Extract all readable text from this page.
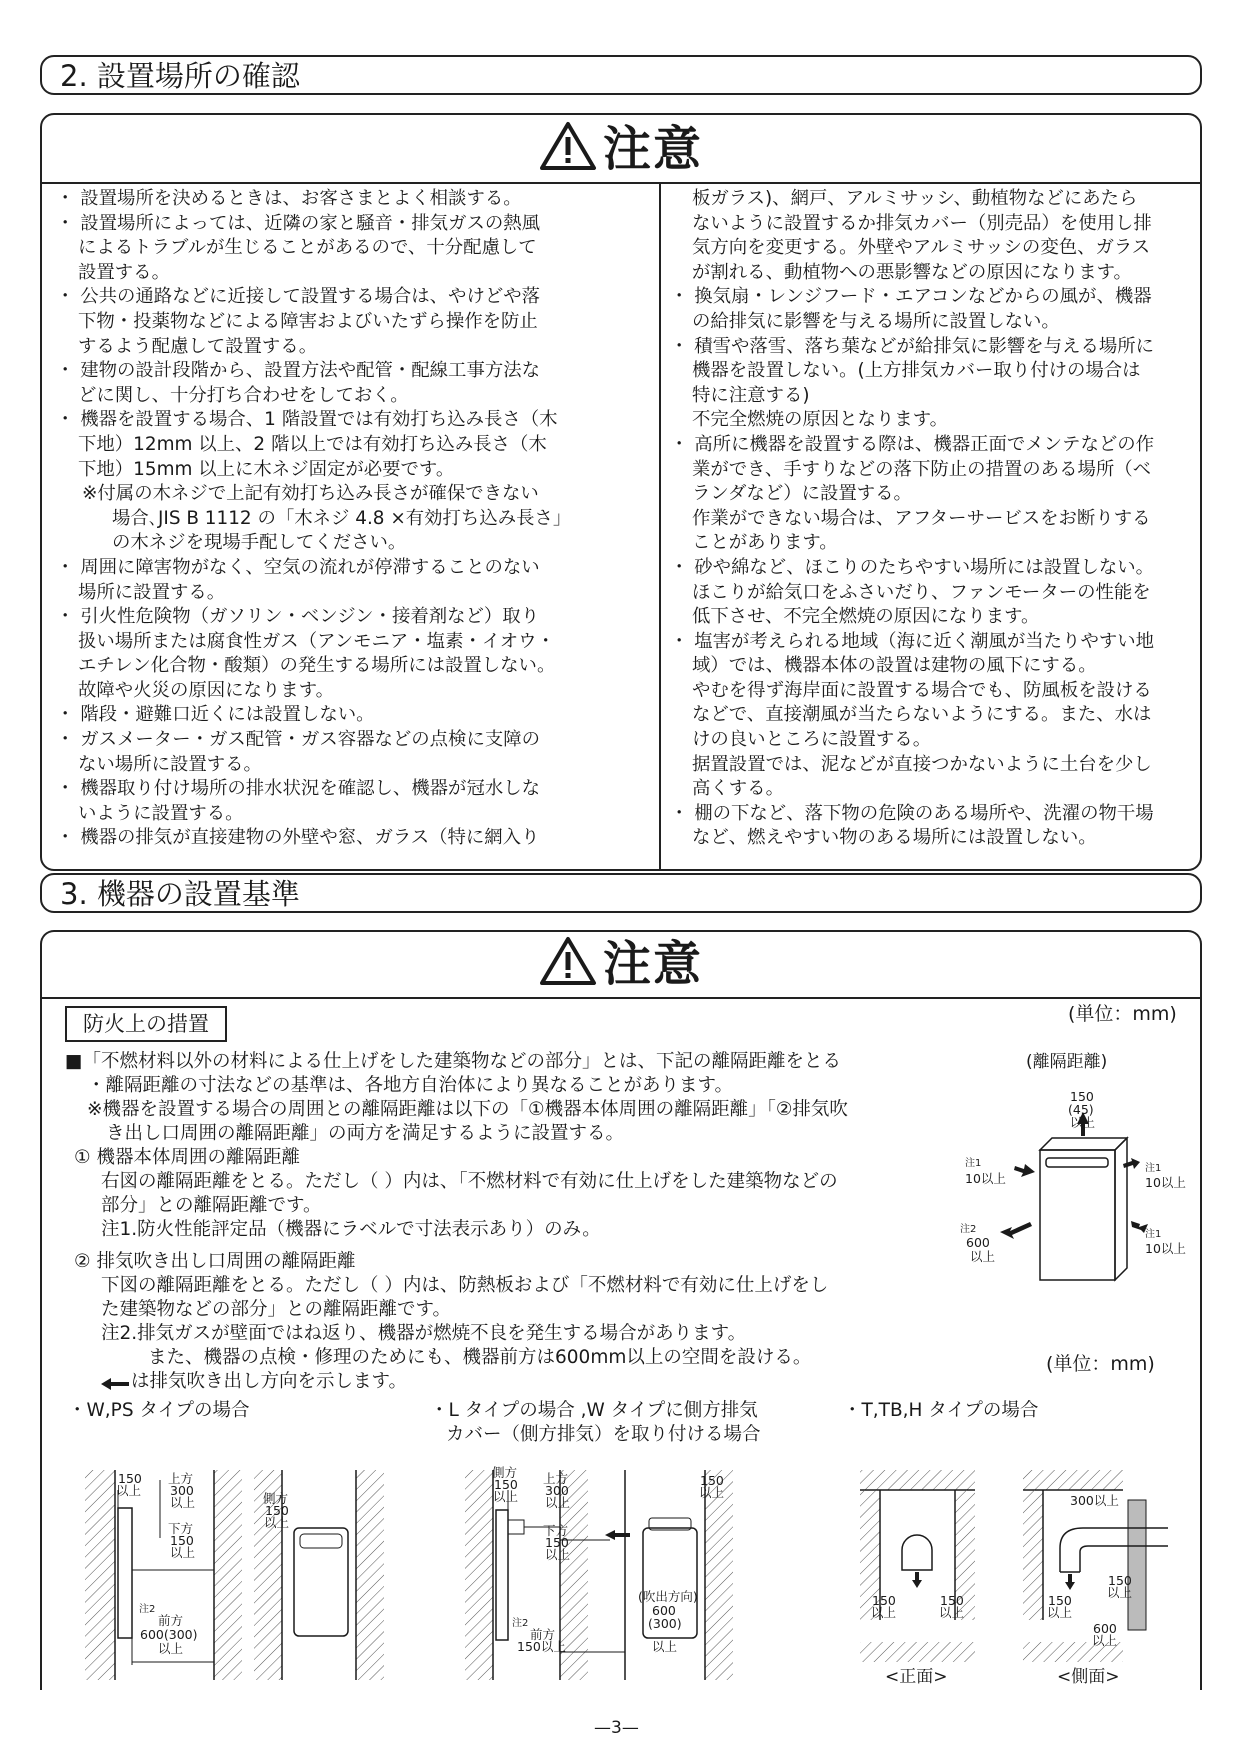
2. 設置場所の確認
注意

・ 設置場所を決めるときは、お客さまとよく相談する。

・ 設置場所によっては、近隣の家と騒音・排気ガスの熱風

によるトラブルが生じることがあるので、十分配慮して

設置する。

・ 公共の通路などに近接して設置する場合は、やけどや落

下物・投薬物などによる障害およびいたずら操作を防止

するよう配慮して設置する。

・ 建物の設計段階から、設置方法や配管・配線工事方法な

どに関し、十分打ち合わせをしておく。

・ 機器を設置する場合、1 階設置では有効打ち込み長さ（木

下地）12mm 以上、2 階以上では有効打ち込み長さ（木

下地）15mm 以上に木ネジ固定が必要です。

※付属の木ネジで上記有効打ち込み長さが確保できない

場合､JIS B 1112 の「木ネジ 4.8 ×有効打ち込み長さ」

の木ネジを現場手配してください。

・ 周囲に障害物がなく、空気の流れが停滞することのない

場所に設置する。

・ 引火性危険物（ガソリン・ベンジン・接着剤など）取り

扱い場所または腐食性ガス（アンモニア・塩素・イオウ・

エチレン化合物・酸類）の発生する場所には設置しない。

故障や火災の原因になります。

・ 階段・避難口近くには設置しない。

・ ガスメーター・ガス配管・ガス容器などの点検に支障の

ない場所に設置する。

・ 機器取り付け場所の排水状況を確認し、機器が冠水しな

いように設置する。

・ 機器の排気が直接建物の外壁や窓、ガラス（特に網入り

板ガラス)、網戸、アルミサッシ、動植物などにあたら

ないように設置するか排気カバー（別売品）を使用し排

気方向を変更する。外壁やアルミサッシの変色、ガラス

が割れる、動植物への悪影響などの原因になります。

・ 換気扇・レンジフード・エアコンなどからの風が、機器

の給排気に影響を与える場所に設置しない。

・ 積雪や落雪、落ち葉などが給排気に影響を与える場所に

機器を設置しない。(上方排気カバー取り付けの場合は

特に注意する)

不完全燃焼の原因となります。

・ 高所に機器を設置する際は、機器正面でメンテなどの作

業ができ、手すりなどの落下防止の措置のある場所（ベ

ランダなど）に設置する。

作業ができない場合は、アフターサービスをお断りする

ことがあります。

・ 砂や綿など、ほこりのたちやすい場所には設置しない。

ほこりが給気口をふさいだり、ファンモーターの性能を

低下させ、不完全燃焼の原因になります。

・ 塩害が考えられる地域（海に近く潮風が当たりやすい地

域）では、機器本体の設置は建物の風下にする。

やむを得ず海岸面に設置する場合でも、防風板を設ける

などで、直接潮風が当たらないようにする。また、水は

けの良いところに設置する。

据置設置では、泥などが直接つかないように土台を少し

高くする。

・ 棚の下など、落下物の危険のある場所や、洗濯の物干場

など、燃えやすい物のある場所には設置しない。

3. 機器の設置基準
注意
防火上の措置	(単位：mm)
■「不燃材料以外の材料による仕上げをした建築物などの部分」とは、下記の離隔距離をとる
・離隔距離の寸法などの基準は、各地方自治体により異なることがあります。
※機器を設置する場合の周囲との離隔距離は以下の「①機器本体周囲の離隔距離」「②排気吹
き出し口周囲の離隔距離」の両方を満足するように設置する。
① 機器本体周囲の離隔距離
右図の離隔距離をとる。ただし（ ）内は、「不燃材料で有効に仕上げをした建築物などの
部分」との離隔距離です。
注1.防火性能評定品（機器にラベルで寸法表示あり）のみ。
② 排気吹き出し口周囲の離隔距離
下図の離隔距離をとる。ただし（ ）内は、防熱板および「不燃材料で有効に仕上げをし
た建築物などの部分」との離隔距離です。
注2.排気ガスが壁面ではね返り、機器が燃焼不良を発生する場合があります。
また、機器の点検・修理のためにも、機器前方は600mm以上の空間を設ける。
は排気吹き出し方向を示します。
(単位：mm)
(離隔距離)
150
(45)
以上
注1
10以上
注1
10以上
注2
600
以上
注1
10以上
・W,PS タイプの場合	・L タイプの場合 ,W タイプに側方排気
カバー（側方排気）を取り付ける場合
・T,TB,H タイプの場合
150
以上
上方
300
以上
下方
150
以上
側方
150
以上
注2
前方
600(300)
以上
側方
150
以上
上方
300
以上
下方
150
以上
注2
前方
150以上
150
以上
(吹出方向)
600
(300)
以上
150
以上
150
以上
300以上
150
以上
150
以上
600
以上
<正面>	<側面>
—3—
